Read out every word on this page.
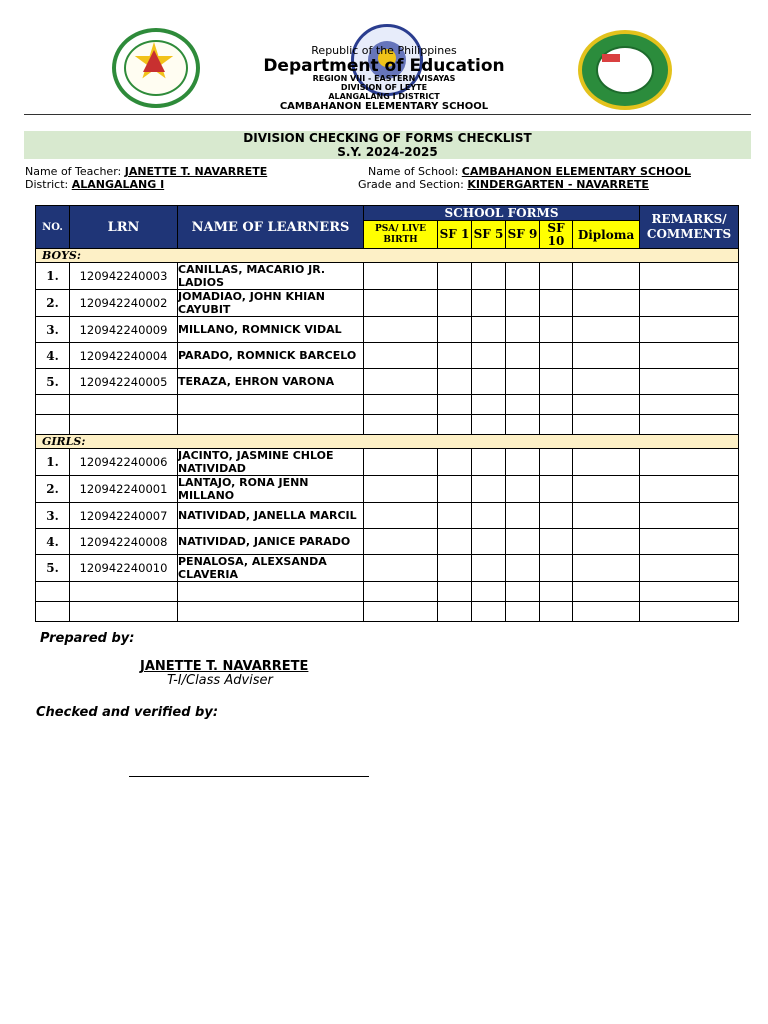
Republic of the Philippines
Department of Education
REGION VIII - EASTERN VISAYAS
DIVISION OF LEYTE
ALANGALANG I DISTRICT
CAMBAHANON ELEMENTARY SCHOOL
DIVISION CHECKING OF FORMS CHECKLIST
S.Y. 2024-2025
Name of Teacher: JANETTE T. NAVARRETE
District: ALANGALANG I
Name of School: CAMBAHANON ELEMENTARY SCHOOL
Grade and Section: KINDERGARTEN - NAVARRETE
NO.	LRN	NAME OF LEARNERS	SCHOOL FORMS						REMARKS/ COMMENTS
			PSA/ LIVE BIRTH	SF 1	SF 5	SF 9	SF 10	Diploma	
BOYS:									
1.	120942240003	CANILLAS, MACARIO JR. LADIOS							
2.	120942240002	JOMADIAO, JOHN KHIAN CAYUBIT							
3.	120942240009	MILLANO, ROMNICK VIDAL							
4.	120942240004	PARADO, ROMNICK BARCELO							
5.	120942240005	TERAZA, EHRON VARONA							

GIRLS:									
1.	120942240006	JACINTO, JASMINE CHLOE NATIVIDAD							
2.	120942240001	LANTAJO, RONA JENN MILLANO							
3.	120942240007	NATIVIDAD, JANELLA MARCIL							
4.	120942240008	NATIVIDAD, JANICE PARADO							
5.	120942240010	PENALOSA, ALEXSANDA CLAVERIA							

Prepared by:
JANETTE T. NAVARRETE
T-I/Class Adviser
Checked and verified by:
